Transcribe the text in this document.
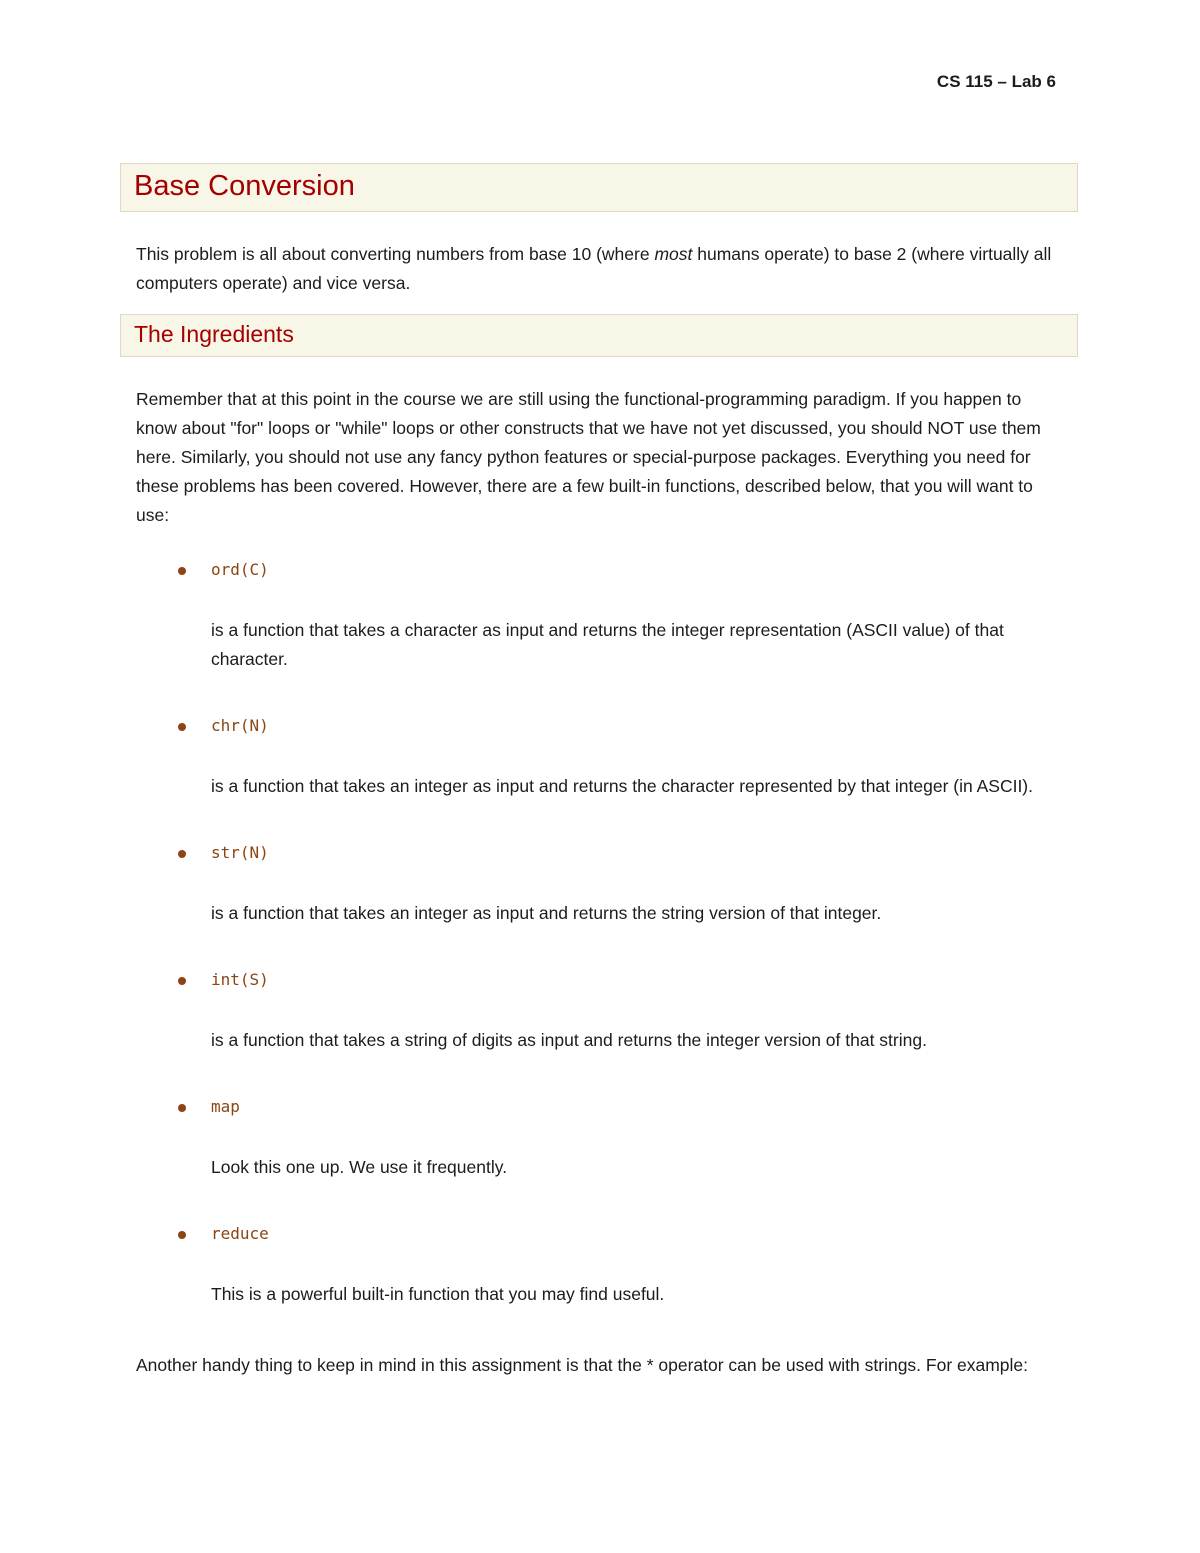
CS 115 – Lab 6
Base Conversion

This problem is all about converting numbers from base 10 (where most humans operate) to base 2 (where virtually all computers operate) and vice versa.

The Ingredients

Remember that at this point in the course we are still using the functional-programming paradigm. If you happen to know about "for" loops or "while" loops or other constructs that we have not yet discussed, you should NOT use them here. Similarly, you should not use any fancy python features or special-purpose packages. Everything you need for these problems has been covered. However, there are a few built-in functions, described below, that you will want to use:

ord(C)

is a function that takes a character as input and returns the integer representation (ASCII value) of that character.

chr(N)

is a function that takes an integer as input and returns the character represented by that integer (in ASCII).

str(N)

is a function that takes an integer as input and returns the string version of that integer.

int(S)

is a function that takes a string of digits as input and returns the integer version of that string.

map

Look this one up. We use it frequently.

reduce

This is a powerful built-in function that you may find useful.

Another handy thing to keep in mind in this assignment is that the * operator can be used with strings. For example:
